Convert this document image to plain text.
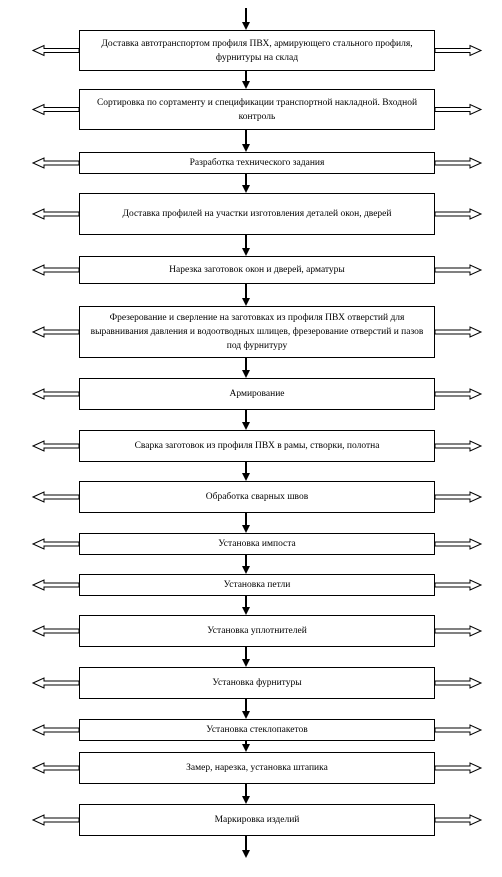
Доставка автотранспортом профиля ПВХ, армирующего стального профиля, фурнитуры на склад
Сортировка по сортаменту и спецификации транспортной накладной. Входной контроль
Разработка технического задания
Доставка профилей на участки изготовления деталей окон, дверей
Нарезка заготовок окон и дверей, арматуры
Фрезерование и сверление на заготовках из профиля ПВХ отверстий для выравнивания давления и водоотводных шлицев, фрезерование отверстий и пазов под фурнитуру
Армирование
Сварка заготовок из профиля ПВХ в рамы, створки, полотна
Обработка сварных швов
Установка импоста
Установка петли
Установка уплотнителей
Установка фурнитуры
Установка стеклопакетов
Замер, нарезка, установка штапика
Маркировка изделий
